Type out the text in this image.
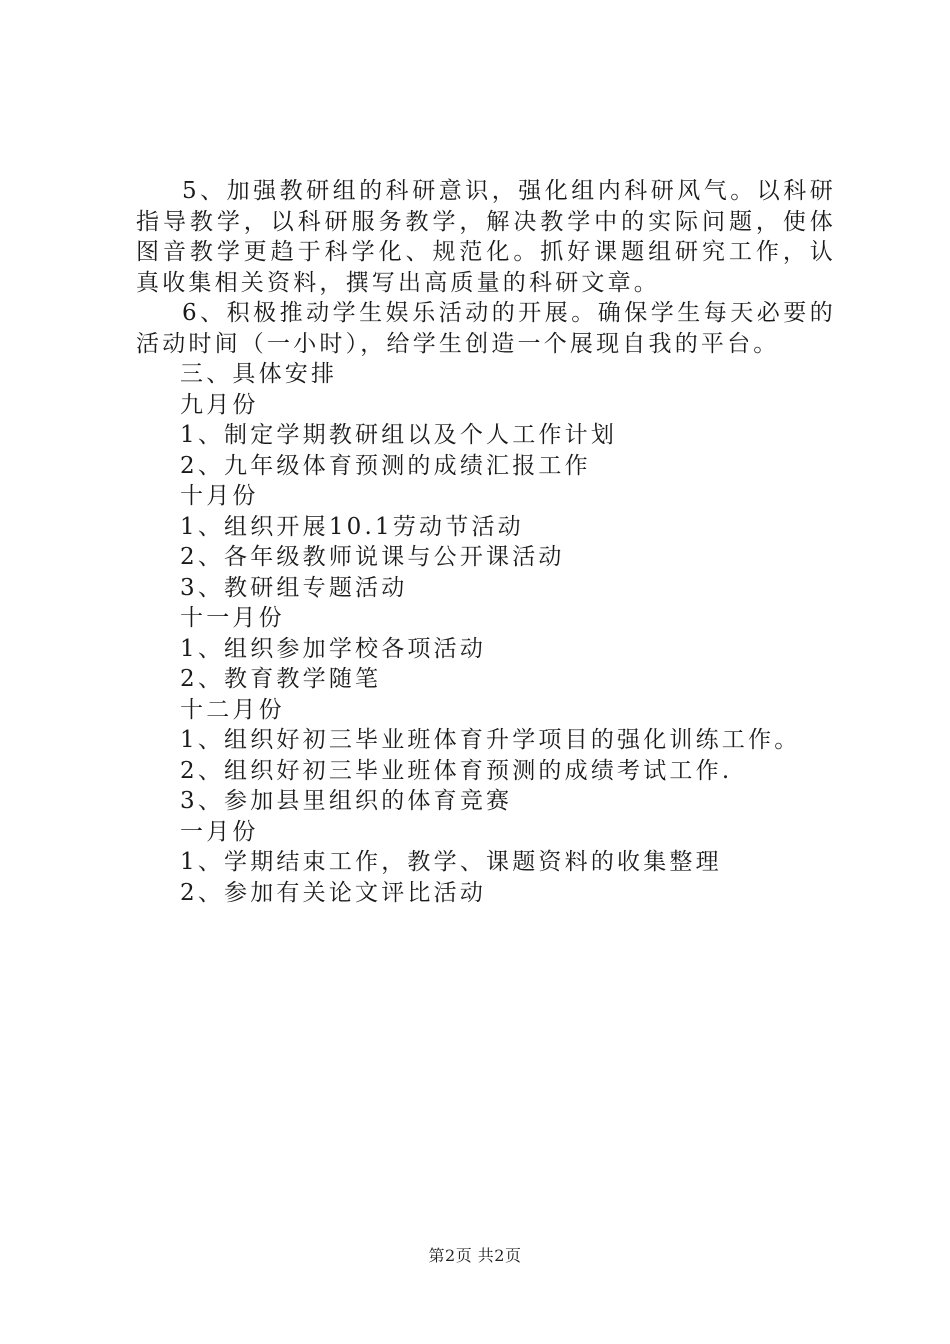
5、加强教研组的科研意识，强化组内科研风气。以科研指导教学，以科研服务教学，解决教学中的实际问题，使体图音教学更趋于科学化、规范化。抓好课题组研究工作，认真收集相关资料，撰写出高质量的科研文章。

6、积极推动学生娱乐活动的开展。确保学生每天必要的活动时间（一小时），给学生创造一个展现自我的平台。

三、具体安排

九月份

1、制定学期教研组以及个人工作计划

2、九年级体育预测的成绩汇报工作

十月份

1、组织开展10.1劳动节活动

2、各年级教师说课与公开课活动

3、教研组专题活动

十一月份

1、组织参加学校各项活动

2、教育教学随笔

十二月份

1、组织好初三毕业班体育升学项目的强化训练工作。

2、组织好初三毕业班体育预测的成绩考试工作.

3、参加县里组织的体育竞赛

一月份

1、学期结束工作，教学、课题资料的收集整理

2、参加有关论文评比活动

第2页 共2页
